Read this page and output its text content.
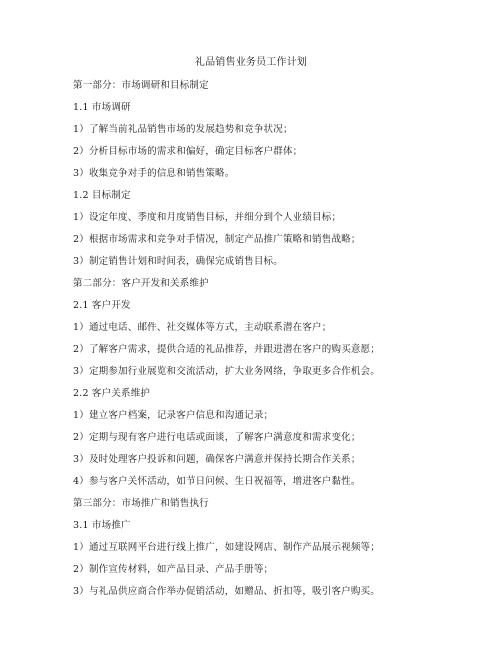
礼品销售业务员工作计划
第一部分：市场调研和目标制定
1.1 市场调研
1）了解当前礼品销售市场的发展趋势和竞争状况；
2）分析目标市场的需求和偏好，确定目标客户群体；
3）收集竞争对手的信息和销售策略。
1.2 目标制定
1）设定年度、季度和月度销售目标，并细分到个人业绩目标；
2）根据市场需求和竞争对手情况，制定产品推广策略和销售战略；
3）制定销售计划和时间表，确保完成销售目标。
第二部分：客户开发和关系维护
2.1 客户开发
1）通过电话、邮件、社交媒体等方式，主动联系潜在客户；
2）了解客户需求，提供合适的礼品推荐，并跟进潜在客户的购买意愿；
3）定期参加行业展览和交流活动，扩大业务网络，争取更多合作机会。
2.2 客户关系维护
1）建立客户档案，记录客户信息和沟通记录；
2）定期与现有客户进行电话或面谈，了解客户满意度和需求变化；
3）及时处理客户投诉和问题，确保客户满意并保持长期合作关系；
4）参与客户关怀活动，如节日问候、生日祝福等，增进客户黏性。
第三部分：市场推广和销售执行
3.1 市场推广
1）通过互联网平台进行线上推广，如建设网店、制作产品展示视频等；
2）制作宣传材料，如产品目录、产品手册等；
3）与礼品供应商合作举办促销活动，如赠品、折扣等，吸引客户购买。
